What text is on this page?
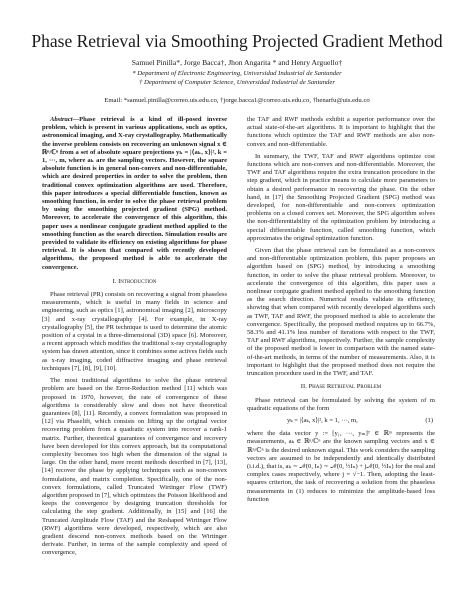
Phase Retrieval via Smoothing Projected Gradient Method
Samuel Pinilla*, Jorge Bacca†, Jhon Angarita * and Henry Arguello†
* Department of Electronic Engineering, Universidad Industrial de Santander
† Department of Computer Science, Universidad Industrial de Santander
Email: *samuel.pinilla@correo.uis.edu.co, †jorge.bacca1@correo.uis.edu.co, †henarfu@uis.edu.co

Abstract—Phase retrieval is a kind of ill-posed inverse problem, which is present in various applications, such as optics, astronomical imaging, and X-ray crystallography. Mathematically the inverse problem consists on recovering an unknown signal x ∈ ℝⁿ/ℂⁿ from a set of absolute square projections yₖ = |⟨aₖ, x⟩|², k = 1, ···, m, where aₖ are the sampling vectors. However, the square absolute function is in general non-convex and non-differentiable, which are desired properties in order to solve the problem, then traditional convex optimization algorithms are used. Therefore, this paper introduces a special differentiable function, known as smoothing function, in order to solve the phase retrieval problem by using the smoothing projected gradient (SPG) method. Moreover, to accelerate the convergence of this algorithm, this paper uses a nonlinear conjugate gradient method applied to the smoothing function as the search direction. Simulation results are provided to validate its efficiency on existing algorithms for phase retrieval. It is shown that compared with recently developed algorithms, the proposed method is able to accelerate the convergence.

I. Introduction

Phase retrieval (PR) consists on recovering a signal from phaseless measurements, which is useful in many fields in science and engineering, such as optics [1], astronomical imaging [2], microscopy [3] and x-ray crystallography [4]. For example, in X-ray crystallography [5], the PR technique is used to determine the atomic position of a crystal in a three-dimensional (3D) space [6]. Moreover, a recent approach which modifies the traditional x-ray crystallography system has drawn attention, since it combines some actives fields such as x-ray imaging, coded diffractive imaging and phase retrieval techniques [7], [8], [9], [10].

The most traditional algorithms to solve the phase retrieval problem are based on the Error-Reduction method [11] which was proposed in 1970, however, the rate of convergence of these algorithms is considerably slow and does not have theoretical guarantees [8], [11]. Recently, a convex formulation was proposed in [12] via Phaselift, which consists on lifting up the original vector recovering problem from a quadratic system into recover a rank-1 matrix. Further, theoretical guarantees of convergence and recovery have been developed for this convex approach, but its computational complexity becomes too high when the dimension of the signal is large. On the other hand, more recent methods described in [7], [13], [14] recover the phase by applying techniques such as non-convex formulations, and matrix completion. Specifically, one of the non-convex formulations, called Truncated Wirtinger Flow (TWF) algorithm proposed in [7], which optimizes the Poisson likelihood and keeps the convergence by designing truncation thresholds for calculating the step gradient. Additionally, in [15] and [16] the Truncated Amplitude Flow (TAF) and the Reshaped Wirtinger Flow (RWF) algorithms were developed, respectively, which are also gradient descend non-convex methods based on the Wirtinger derivate. Further, in terms of the sample complexity and speed of convergence,

the TAF and RWF methods exhibit a superior performance over the actual state-of-the-art algorithms. It is important to highlight that the functions which optimize the TAF and RWF methods are also non-convex and non-differentiable.

In summary, the TWF, TAF and RWF algorithms optimize cost functions which are non-convex and non-differentiable. Moreover, the TWF and TAF algorithms require the extra truncation procedure in the step gradient, which in practice means to calculate more parameters to obtain a desired performance in recovering the phase. On the other hand, in [17] the Smoothing Projected Gradient (SPG) method was developed, for non-differentiable and non-convex optimization problems on a closed convex set. Moreover, the SPG algorithm solves the non-differentiability of the optimization problem by introducing a special differentiable function, called smoothing function, which approximates the original optimization function.

Given that the phase retrieval can be formulated as a non-convex and non-differentiable optimization problem, this paper proposes an algorithm based on (SPG) method, by introducing a smoothing function, in order to solve the phase retrieval problem. Moreover, to accelerate the convergence of this algorithm, this paper uses a nonlinear conjugate gradient method applied to the smoothing function as the search direction. Numerical results validate its efficiency, showing that when compared with recently developed algorithms such as TWF, TAF and RWF, the proposed method is able to accelerate the convergence. Specifically, the proposed method requires up to 66.7%, 58.3% and 41.1% less number of iterations with respect to the TWF, TAF and RWF algorithms, respectively. Further, the sample complexity of the proposed method is lower in comparison with the named state-of-the-art methods, in terms of the number of measurements. Also, it is important to highlight that the proposed method does not require the truncation procedure used in the TWF, and TAF.

II. Phase Retrieval Problem

Phase retrieval can be formulated by solving the system of m quadratic equations of the form

yₖ = |⟨aₖ, x⟩|², k = 1, ···, m,	(1)

where the data vector y := [y₁, ···, yₘ]ᵀ ∈ ℝᵐ represents the measurements, aₖ ∈ ℝⁿ/ℂⁿ are the known sampling vectors and x ∈ ℝⁿ/ℂⁿ is the desired unknown signal. This work considers the sampling vectors are assumed to be independently and identically distributed (i.i.d.), that is, aₖ ∼ 𝒩(0, Iₙ) ∼ 𝒩(0, ½Iₙ) + j𝒩(0, ½Iₙ) for the real and complex cases respectively, where j = √−1. Then, adopting the least-squares criterion, the task of recovering a solution from the phaseless measurements in (1) reduces to minimize the amplitude-based loss function
